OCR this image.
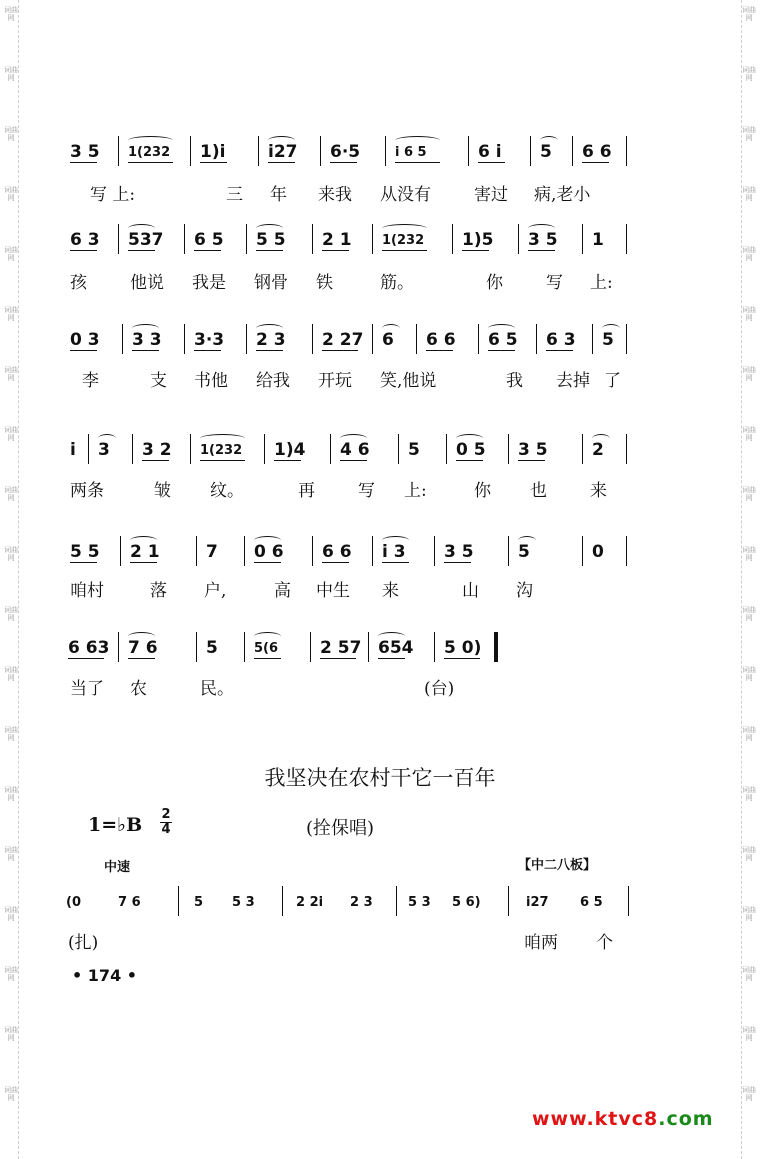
词曲网
词曲网
词曲网
词曲网
词曲网
词曲网
词曲网
词曲网
词曲网
词曲网
词曲网
词曲网
词曲网
词曲网
词曲网
词曲网
词曲网
词曲网
词曲网
词曲网
词曲网
词曲网
词曲网
词曲网
词曲网
词曲网
词曲网
词曲网
词曲网
词曲网
词曲网
词曲网
词曲网
词曲网
词曲网
词曲网
词曲网
词曲网
3 5 1(232 1)i	i27 6·5	i 6 5	6 i 5 6 6
写 上:	三 年 来我 从没有	害过 病,老小
6 3 537 6 5 5 5 2 1 1(232 1)5 3 5 1
孩	他说 我是 钢骨 铁	筋。	你	写 上:
0 3 3 3 3·3 2 3 2 27 6 6 6 6 5 6 3 5
李	支 书他 给我 开玩 笑,他说	我 去掉 了
i 3 3 2 1(232 1)4 4 6 5 0 5 3 5	2
两条	皱 纹。	再	写 上:	你 也	来
5 5 2 1	7 0 6 6 6 i 3 3 5	5	0
咱村	落 户,	高 中生 来	山 沟
6 63 7 6	5	5(6 2 57 654 5 0)
当了 农	民。	(台)
我坚决在农村干它一百年
1=♭B 2
4	(拴保唱)
中速	【中二八板】
(0	7 6	5 5 3	2 2i 2 3	5 3 5 6)	i27 6 5
(扎)	咱两 个
• 174 •
www.ktvc8.com
